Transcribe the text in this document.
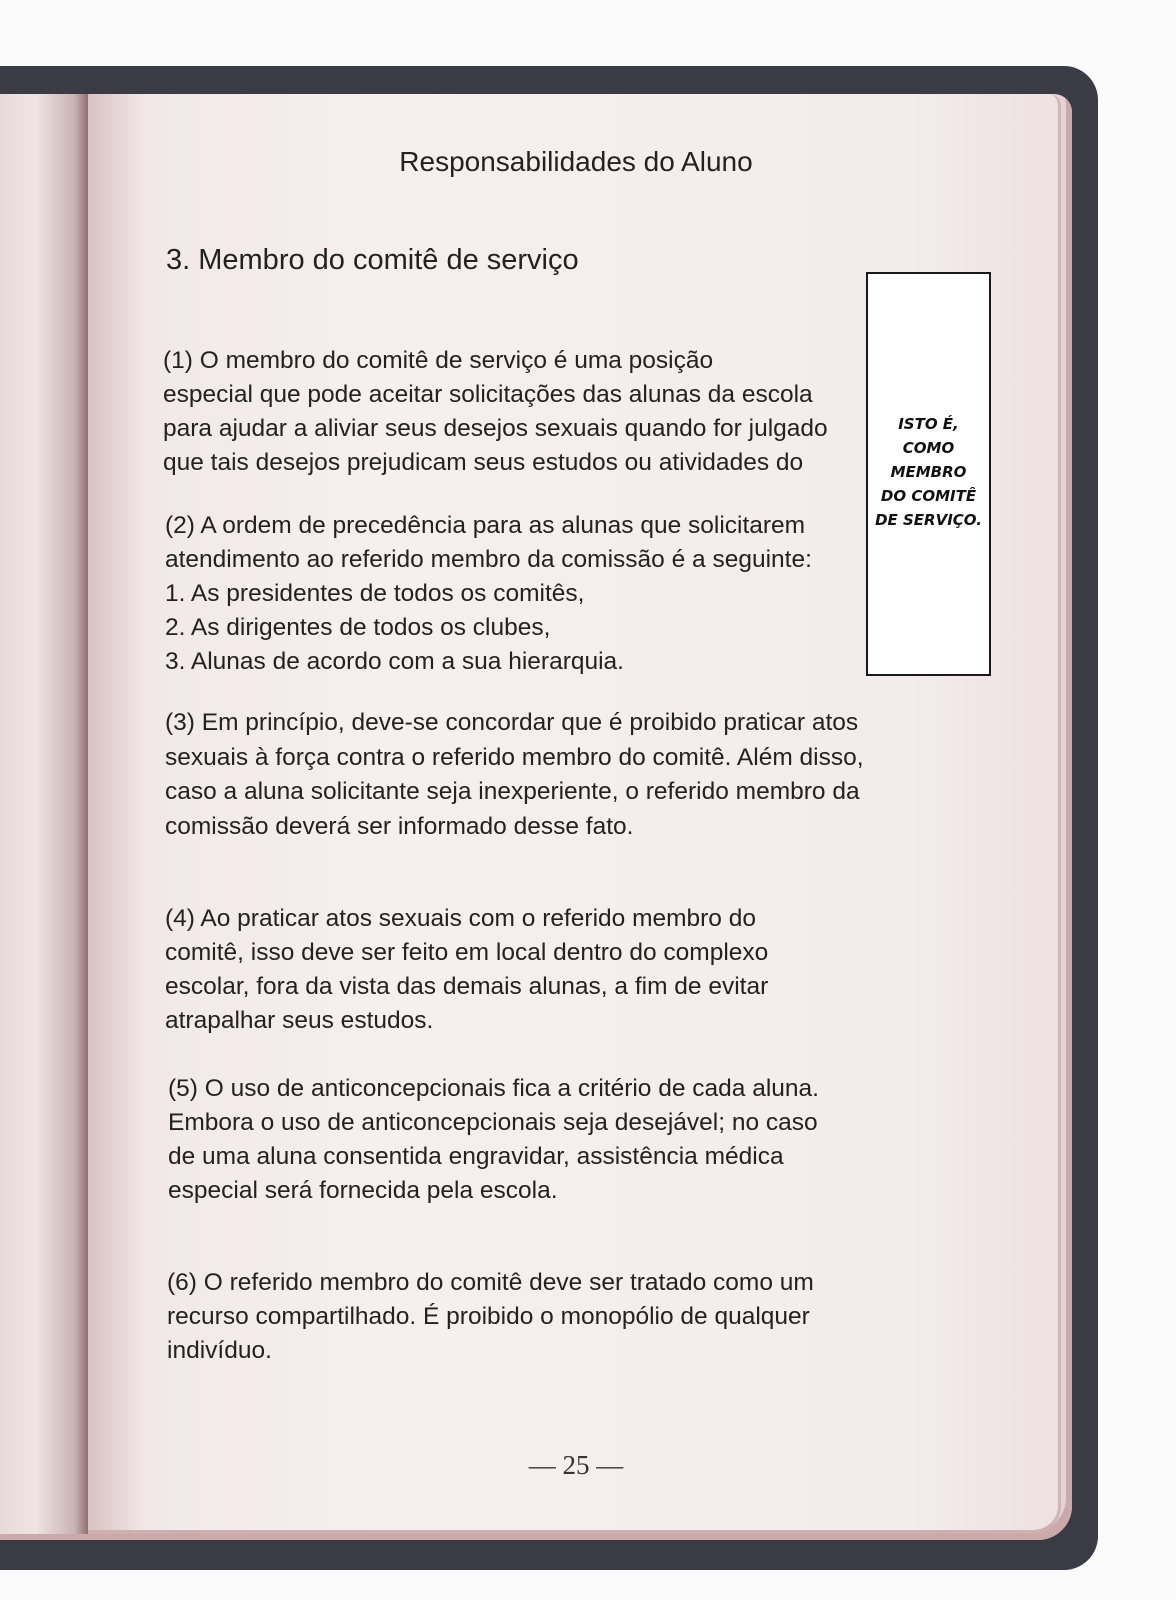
Responsabilidades do Aluno
3. Membro do comitê de serviço
(1) O membro do comitê de serviço é uma posição
especial que pode aceitar solicitações das alunas da escola
para ajudar a aliviar seus desejos sexuais quando for julgado
que tais desejos prejudicam seus estudos ou atividades do
(2) A ordem de precedência para as alunas que solicitarem
atendimento ao referido membro da comissão é a seguinte:
1. As presidentes de todos os comitês,
2. As dirigentes de todos os clubes,
3. Alunas de acordo com a sua hierarquia.
(3) Em princípio, deve-se concordar que é proibido praticar atos
sexuais à força contra o referido membro do comitê. Além disso,
caso a aluna solicitante seja inexperiente, o referido membro da
comissão deverá ser informado desse fato.
(4) Ao praticar atos sexuais com o referido membro do
comitê, isso deve ser feito em local dentro do complexo
escolar, fora da vista das demais alunas, a fim de evitar
atrapalhar seus estudos.
(5) O uso de anticoncepcionais fica a critério de cada aluna.
Embora o uso de anticoncepcionais seja desejável; no caso
de uma aluna consentida engravidar, assistência médica
especial será fornecida pela escola.
(6) O referido membro do comitê deve ser tratado como um
recurso compartilhado. É proibido o monopólio de qualquer
indivíduo.
ISTO É,
COMO
MEMBRO
DO COMITÊ
DE SERVIÇO.
— 25 —
